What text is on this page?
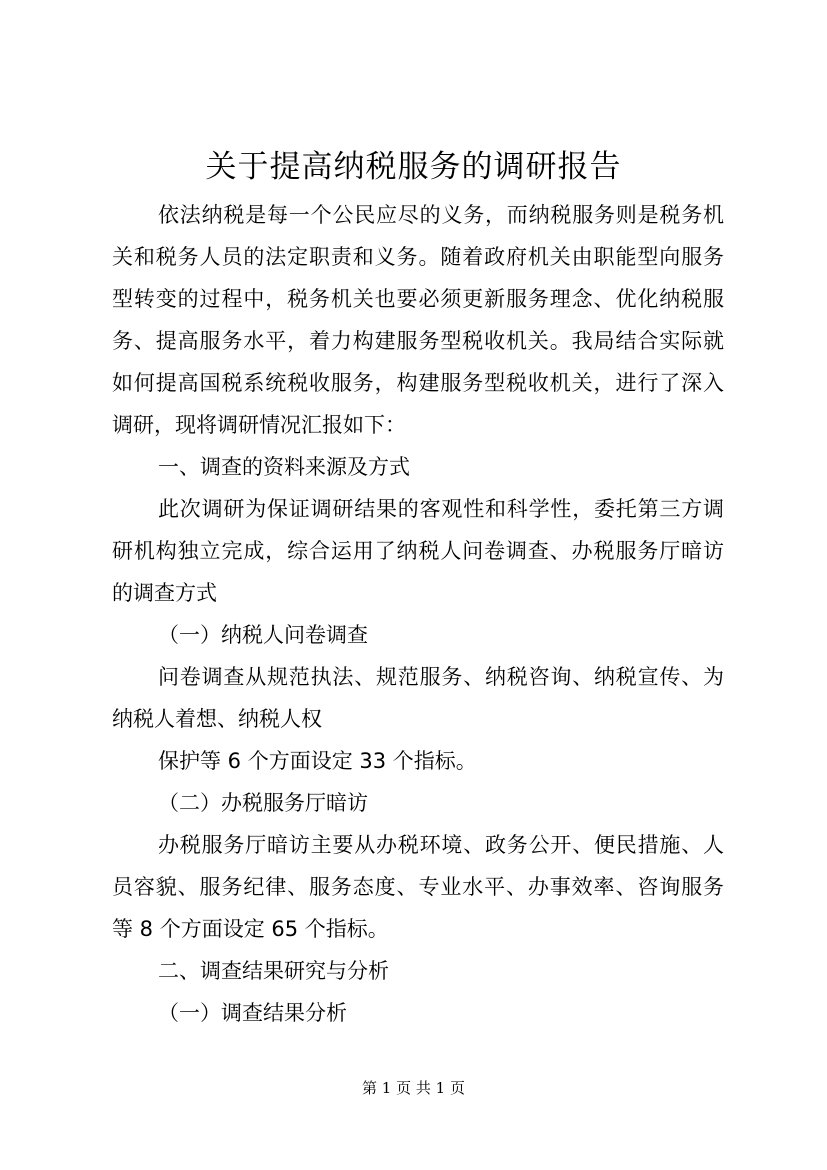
关于提高纳税服务的调研报告
依法纳税是每一个公民应尽的义务，而纳税服务则是税务机
关和税务人员的法定职责和义务。随着政府机关由职能型向服务
型转变的过程中，税务机关也要必须更新服务理念、优化纳税服
务、提高服务水平，着力构建服务型税收机关。我局结合实际就
如何提高国税系统税收服务，构建服务型税收机关，进行了深入
调研，现将调研情况汇报如下：
一、调查的资料来源及方式
此次调研为保证调研结果的客观性和科学性，委托第三方调
研机构独立完成，综合运用了纳税人问卷调查、办税服务厅暗访
的调查方式
（一）纳税人问卷调查
问卷调查从规范执法、规范服务、纳税咨询、纳税宣传、为
纳税人着想、纳税人权
保护等 6 个方面设定 33 个指标。
（二）办税服务厅暗访
办税服务厅暗访主要从办税环境、政务公开、便民措施、人
员容貌、服务纪律、服务态度、专业水平、办事效率、咨询服务
等 8 个方面设定 65 个指标。
二、调查结果研究与分析
（一）调查结果分析
第 1 页 共 1 页
